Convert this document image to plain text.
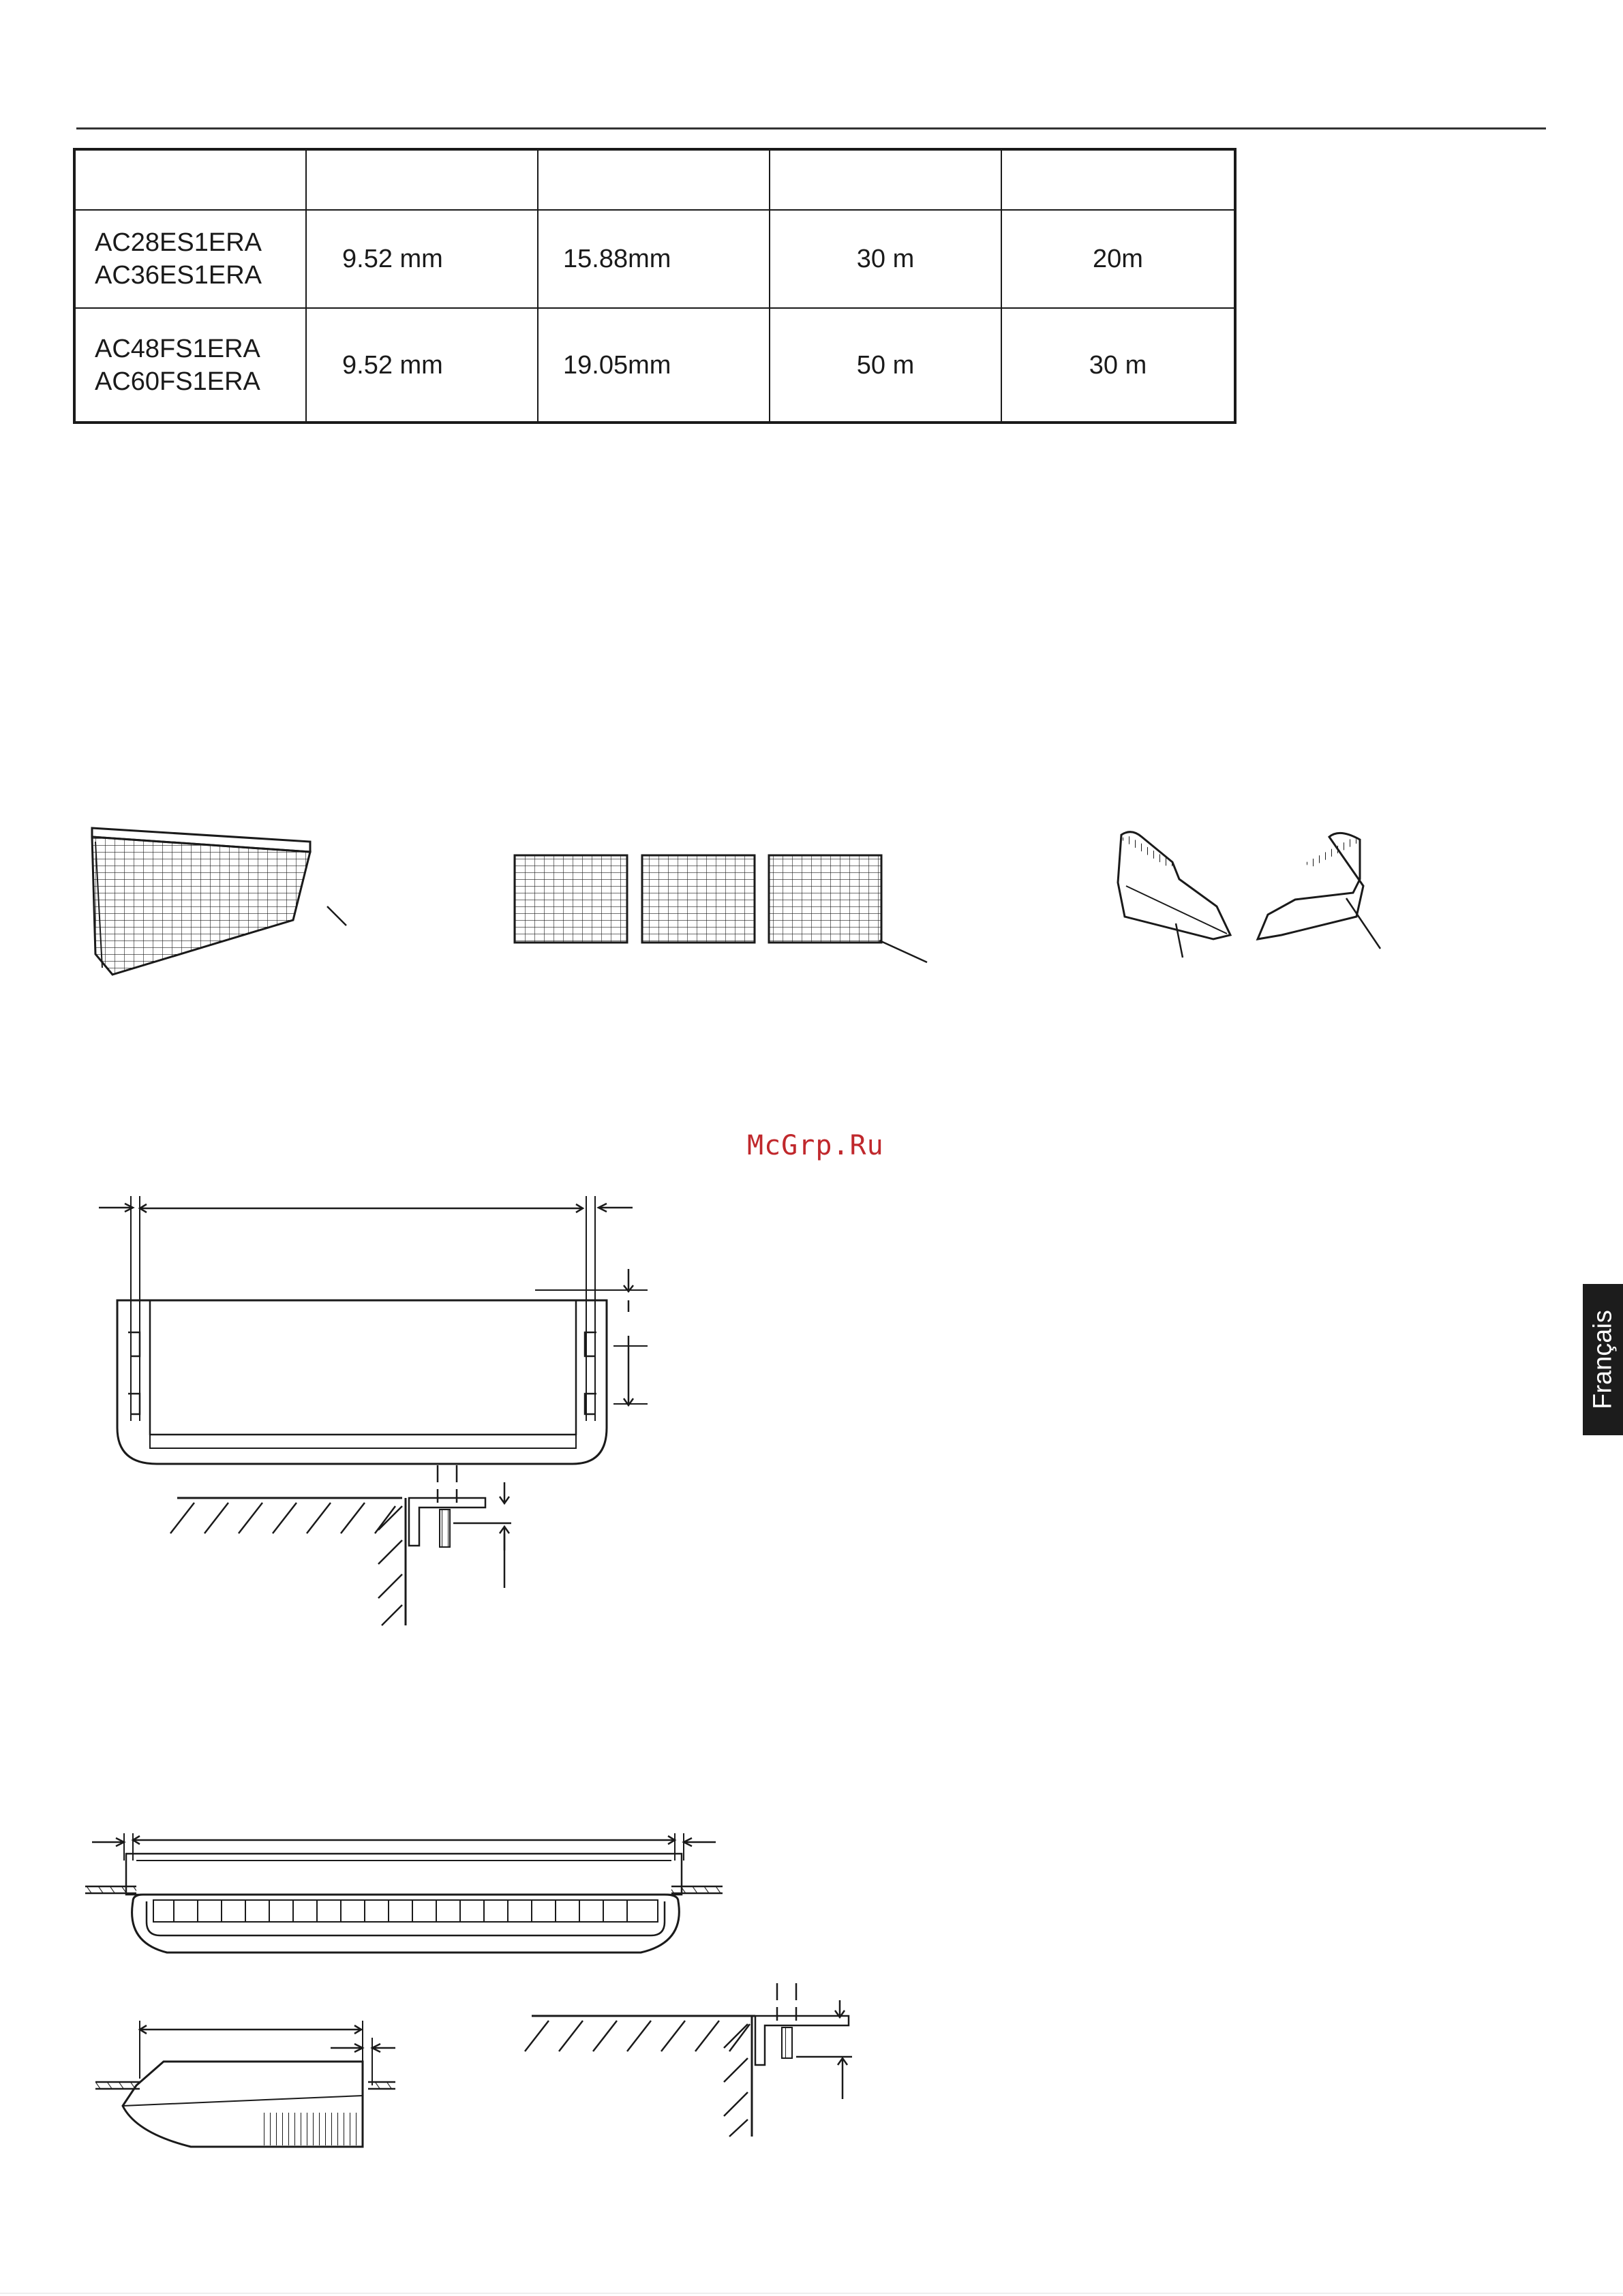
AC28ES1ERA
AC36ES1ERA	9.52 mm	15.88mm	30 m	20m

AC48FS1ERA
AC60FS1ERA	9.52 mm	19.05mm	50 m	30 m
McGrp.Ru
Français
